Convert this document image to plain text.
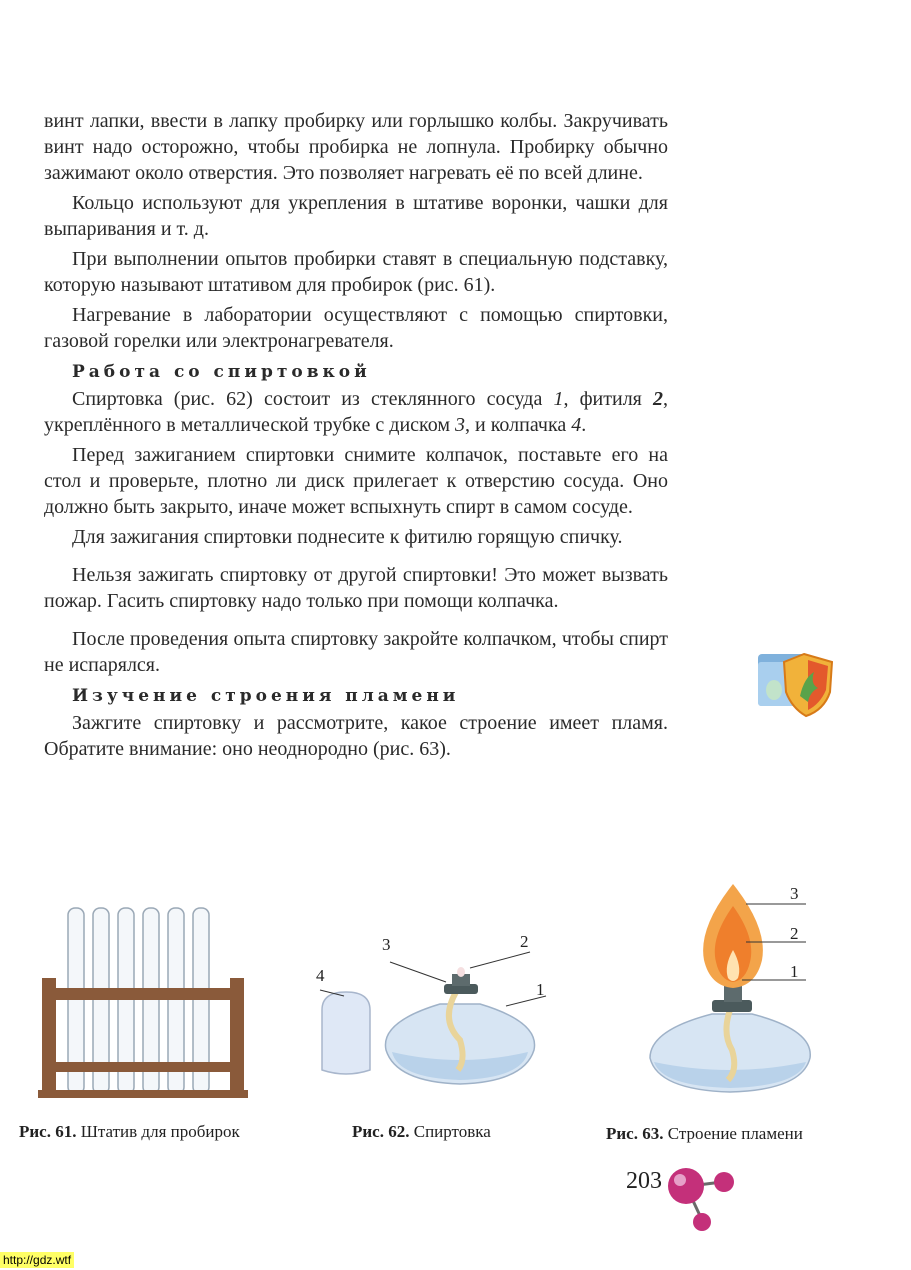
винт лапки, ввести в лапку пробирку или горлышко колбы. Закручивать винт надо осторожно, чтобы пробирка не лопнула. Пробирку обычно зажимают около отверстия. Это позволяет нагревать её по всей длине.

Кольцо используют для укрепления в штативе воронки, чашки для выпаривания и т. д.

При выполнении опытов пробирки ставят в специальную подставку, которую называют штативом для пробирок (рис. 61).

Нагревание в лаборатории осуществляют с помощью спиртовки, газовой горелки или электронагревателя.

Работа со спиртовкой

Спиртовка (рис. 62) состоит из стеклянного сосуда 1, фитиля 2, укреплённого в металлической трубке с диском 3, и колпачка 4.

Перед зажиганием спиртовки снимите колпачок, поставьте его на стол и проверьте, плотно ли диск прилегает к отверстию сосуда. Оно должно быть закрыто, иначе может вспыхнуть спирт в самом сосуде.

Для зажигания спиртовки поднесите к фитилю горящую спичку.

Нельзя зажигать спиртовку от другой спиртовки! Это может вызвать пожар. Гасить спиртовку надо только при помощи колпачка.

После проведения опыта спиртовку закройте колпачком, чтобы спирт не испарялся.

Изучение строения пламени

Зажгите спиртовку и рассмотрите, какое строение имеет пламя. Обратите внимание: оно неоднородно (рис. 63).

Рис. 61. Штатив для пробирок
3	2
1
4
Рис. 62. Спиртовка
3
2
1
Рис. 63. Строение пламени
203
http://gdz.wtf
